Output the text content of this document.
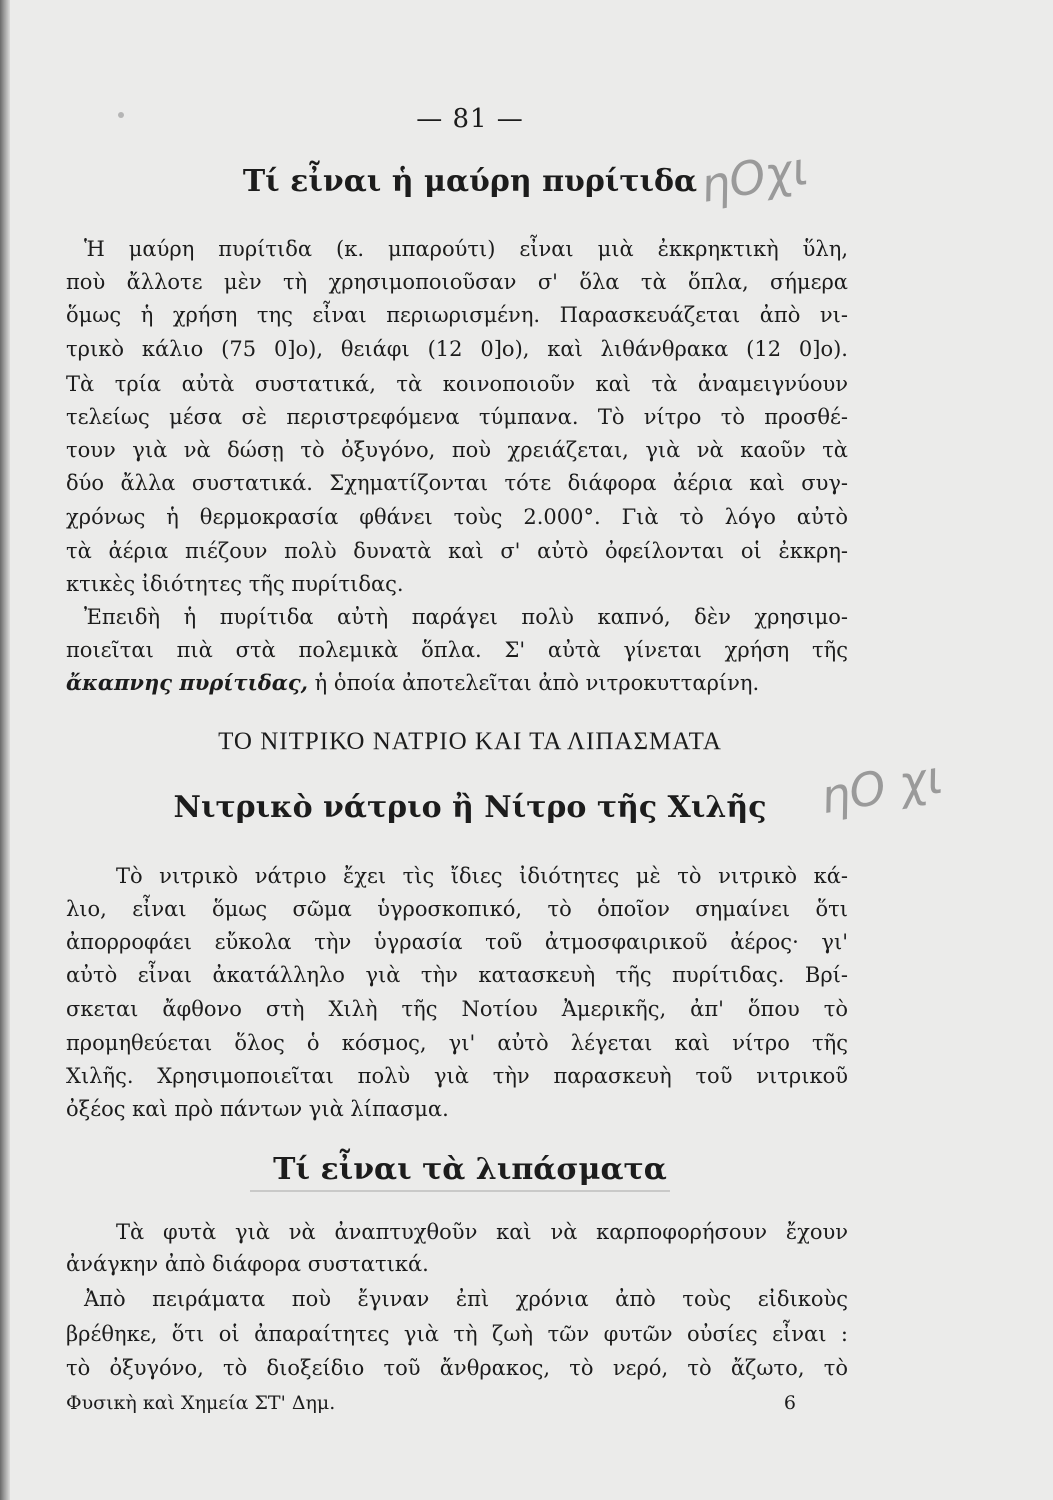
— 81 —
Τί εἶναι ἡ μαύρη πυρίτιδα ηOχι
Ἡ μαύρη πυρίτιδα (κ. μπαρούτι) εἶναι μιὰ ἐκκρηκτικὴ ὕλη,
ποὺ ἄλλοτε μὲν τὴ χρησιμοποιοῦσαν σ' ὅλα τὰ ὅπλα, σήμερα
ὅμως ἡ χρήση της εἶναι περιωρισμένη. Παρασκευάζεται ἀπὸ νι-
τρικὸ κάλιο (75 0]ο), θειάφι (12 0]ο), καὶ λιθάνθρακα (12 0]ο).
Τὰ τρία αὐτὰ συστατικά, τὰ κοινοποιοῦν καὶ τὰ ἀναμειγνύουν
τελείως μέσα σὲ περιστρεφόμενα τύμπανα. Τὸ νίτρο τὸ προσθέ-
τουν γιὰ νὰ δώσῃ τὸ ὀξυγόνο, ποὺ χρειάζεται, γιὰ νὰ καοῦν τὰ
δύο ἄλλα συστατικά. Σχηματίζονται τότε διάφορα ἀέρια καὶ συγ-
χρόνως ἡ θερμοκρασία φθάνει τοὺς 2.000°. Γιὰ τὸ λόγο αὐτὸ
τὰ ἀέρια πιέζουν πολὺ δυνατὰ καὶ σ' αὐτὸ ὀφείλονται οἱ ἐκκρη-
κτικὲς ἰδιότητες τῆς πυρίτιδας.
Ἐπειδὴ ἡ πυρίτιδα αὐτὴ παράγει πολὺ καπνό, δὲν χρησιμο-
ποιεῖται πιὰ στὰ πολεμικὰ ὅπλα. Σ' αὐτὰ γίνεται χρήση τῆς
ἄκαπνης πυρίτιδας, ἡ ὁποία ἀποτελεῖται ἀπὸ νιτροκυτταρίνη.
ΤΟ ΝΙΤΡΙΚΟ ΝΑΤΡΙΟ ΚΑΙ ΤΑ ΛΙΠΑΣΜΑΤΑ
ηO χι
Νιτρικὸ νάτριο ἢ Νίτρο τῆς Χιλῆς
Τὸ νιτρικὸ νάτριο ἔχει τὶς ἴδιες ἰδιότητες μὲ τὸ νιτρικὸ κά-
λιο, εἶναι ὅμως σῶμα ὑγροσκοπικό, τὸ ὁποῖον σημαίνει ὅτι
ἀπορροφάει εὔκολα τὴν ὑγρασία τοῦ ἀτμοσφαιρικοῦ ἀέρος· γι'
αὐτὸ εἶναι ἀκατάλληλο γιὰ τὴν κατασκευὴ τῆς πυρίτιδας. Βρί-
σκεται ἄφθονο στὴ Χιλὴ τῆς Νοτίου Ἀμερικῆς, ἀπ' ὅπου τὸ
προμηθεύεται ὅλος ὁ κόσμος, γι' αὐτὸ λέγεται καὶ νίτρο τῆς
Χιλῆς. Χρησιμοποιεῖται πολὺ γιὰ τὴν παρασκευὴ τοῦ νιτρικοῦ
ὀξέος καὶ πρὸ πάντων γιὰ λίπασμα.
Τί εἶναι τὰ λιπάσματα
Τὰ φυτὰ γιὰ νὰ ἀναπτυχθοῦν καὶ νὰ καρποφορήσουν ἔχουν
ἀνάγκην ἀπὸ διάφορα συστατικά.
Ἀπὸ πειράματα ποὺ ἔγιναν ἐπὶ χρόνια ἀπὸ τοὺς εἰδικοὺς
βρέθηκε, ὅτι οἱ ἀπαραίτητες γιὰ τὴ ζωὴ τῶν φυτῶν οὐσίες εἶναι :
τὸ ὀξυγόνο, τὸ διοξείδιο τοῦ ἄνθρακος, τὸ νερό, τὸ ἄζωτο, τὸ
Φυσικὴ καὶ Χημεία ΣΤ' Δημ.	6
